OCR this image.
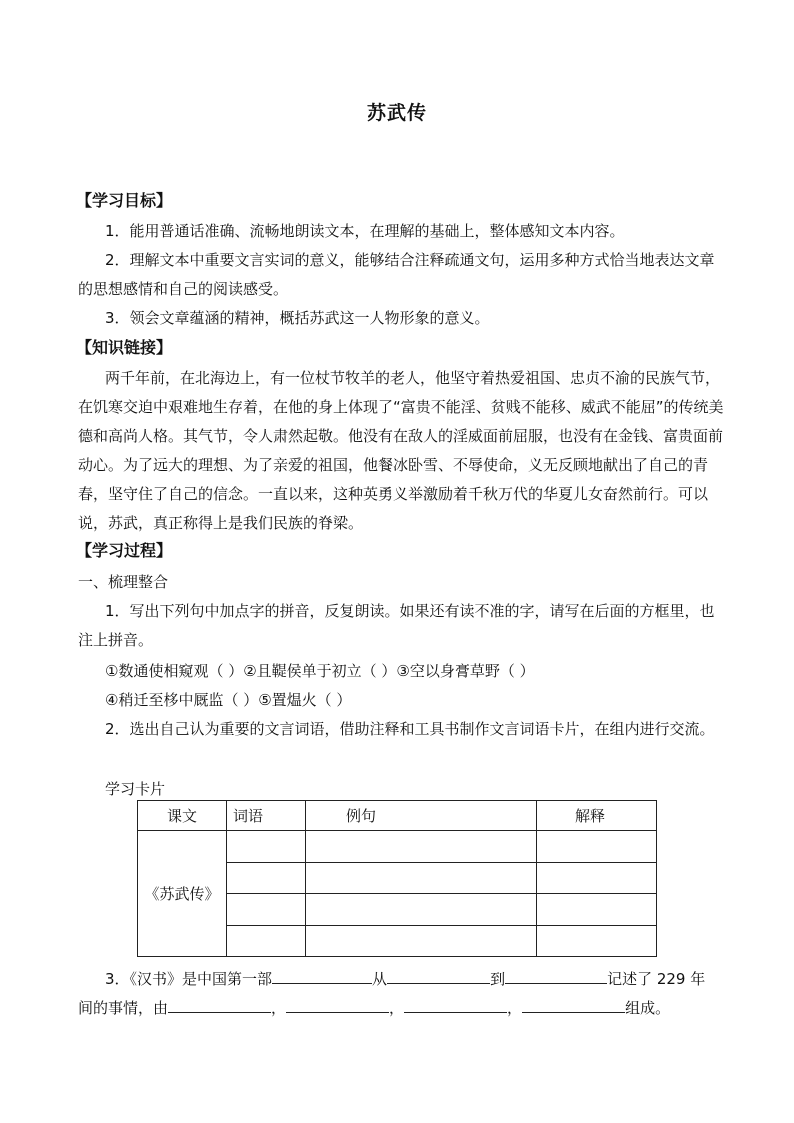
苏武传
【学习目标】
1．能用普通话准确、流畅地朗读文本，在理解的基础上，整体感知文本内容。
2．理解文本中重要文言实词的意义，能够结合注释疏通文句，运用多种方式恰当地表达文章的思想感情和自己的阅读感受。
3．领会文章蕴涵的精神，概括苏武这一人物形象的意义。
【知识链接】
两千年前，在北海边上，有一位杖节牧羊的老人，他坚守着热爱祖国、忠贞不渝的民族气节，在饥寒交迫中艰难地生存着，在他的身上体现了“富贵不能淫、贫贱不能移、威武不能屈”的传统美德和高尚人格。其气节，令人肃然起敬。他没有在敌人的淫威面前屈服，也没有在金钱、富贵面前动心。为了远大的理想、为了亲爱的祖国，他餐冰卧雪、不辱使命，义无反顾地献出了自己的青春，坚守住了自己的信念。一直以来，这种英勇义举激励着千秋万代的华夏儿女奋然前行。可以说，苏武，真正称得上是我们民族的脊梁。
【学习过程】
一、梳理整合
1．写出下列句中加点字的拼音，反复朗读。如果还有读不准的字，请写在后面的方框里，也注上拼音。
①数通使相窥观（ ）②且鞮侯单于初立（ ）③空以身膏草野（ ）
④稍迁至栘中厩监（ ）⑤置煴火（ ）
2．选出自己认为重要的文言词语，借助注释和工具书制作文言词语卡片，在组内进行交流。
学习卡片
课文	词语	例句	解释
《苏武传》			

3．《汉书》是中国第一部	从	到	记述了 229 年
间的事情，由	，	，	，	组成。
